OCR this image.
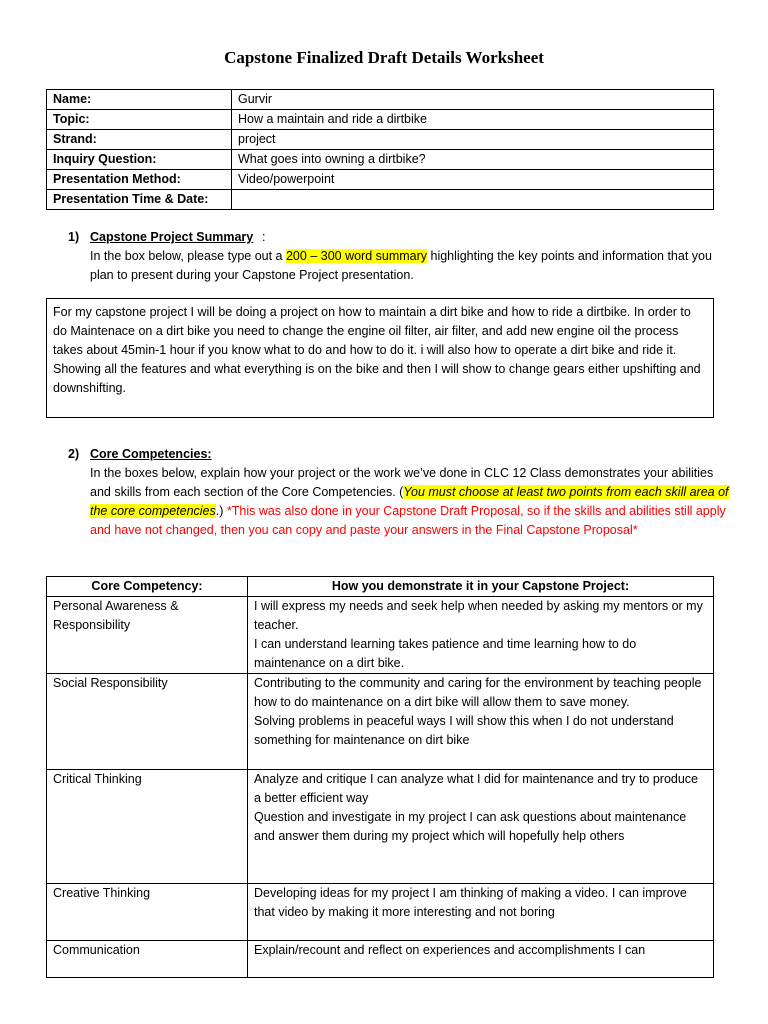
Capstone Finalized Draft Details Worksheet
Name:	Gurvir
Topic:	How a maintain and ride a dirtbike
Strand:	project
Inquiry Question:	What goes into owning a dirtbike?
Presentation Method:	Video/powerpoint
Presentation Time & Date:	
1) Capstone Project Summary :
In the box below, please type out a 200 – 300 word summary highlighting the key points and information that you plan to present during your Capstone Project presentation.
For my capstone project I will be doing a project on how to maintain a dirt bike and how to ride a dirtbike. In order to do Maintenace on a dirt bike you need to change the engine oil filter, air filter, and add new engine oil the process takes about 45min-1 hour if you know what to do and how to do it. i will also how to operate a dirt bike and ride it. Showing all the features and what everything is on the bike and then I will show to change gears either upshifting and downshifting.
2) Core Competencies:
In the boxes below, explain how your project or the work we’ve done in CLC 12 Class demonstrates your abilities and skills from each section of the Core Competencies. (You must choose at least two points from each skill area of the core competencies.) *This was also done in your Capstone Draft Proposal, so if the skills and abilities still apply and have not changed, then you can copy and paste your answers in the Final Capstone Proposal*
Core Competency:	How you demonstrate it in your Capstone Project:
Personal Awareness & Responsibility	I will express my needs and seek help when needed by asking my mentors or my teacher.

I can understand learning takes patience and time learning how to do maintenance on a dirt bike.

Social Responsibility	Contributing to the community and caring for the environment by teaching people how to do maintenance on a dirt bike will allow them to save money.

Solving problems in peaceful ways I will show this when I do not understand something for maintenance on dirt bike

Critical Thinking	Analyze and critique I can analyze what I did for maintenance and try to produce a better efficient way

Question and investigate in my project I can ask questions about maintenance and answer them during my project which will hopefully help others

Creative Thinking	Developing ideas for my project I am thinking of making a video. I can improve that video by making it more interesting and not boring

Communication	Explain/recount and reflect on experiences and accomplishments I can
